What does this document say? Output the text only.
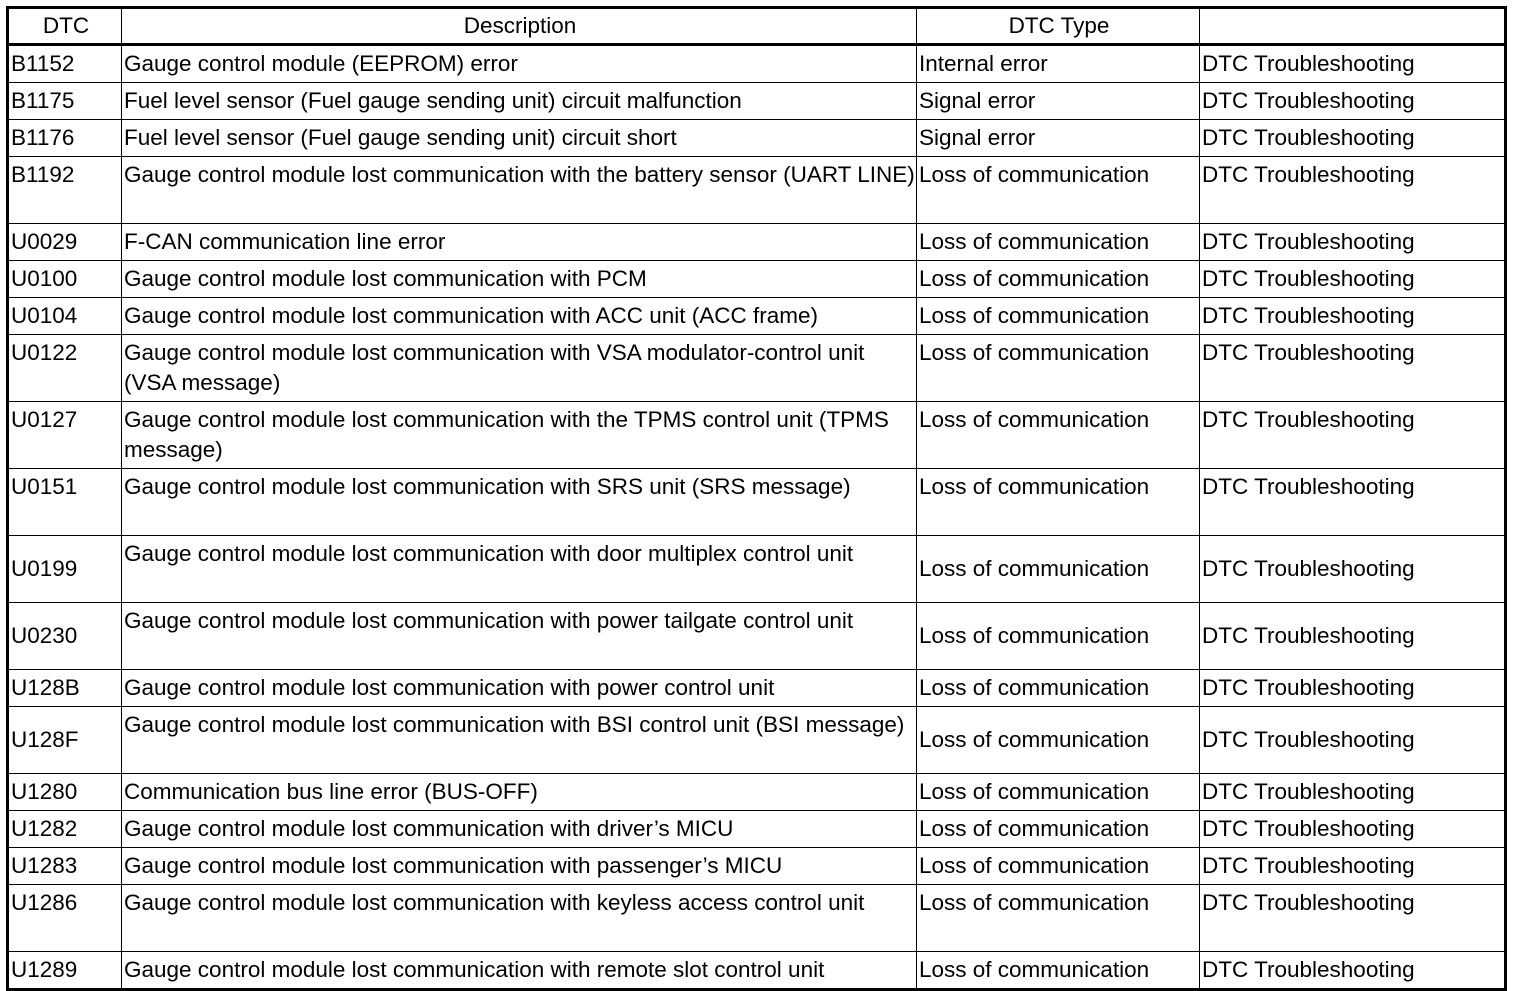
DTC	Description	DTC Type	
B1152	Gauge control module (EEPROM) error	Internal error	DTC Troubleshooting
B1175	Fuel level sensor (Fuel gauge sending unit) circuit malfunction	Signal error	DTC Troubleshooting
B1176	Fuel level sensor (Fuel gauge sending unit) circuit short	Signal error	DTC Troubleshooting
B1192	Gauge control module lost communication with the battery sensor (UART LINE)	Loss of communication	DTC Troubleshooting
U0029	F-CAN communication line error	Loss of communication	DTC Troubleshooting
U0100	Gauge control module lost communication with PCM	Loss of communication	DTC Troubleshooting
U0104	Gauge control module lost communication with ACC unit (ACC frame)	Loss of communication	DTC Troubleshooting
U0122	Gauge control module lost communication with VSA modulator-control unit (VSA message)	Loss of communication	DTC Troubleshooting
U0127	Gauge control module lost communication with the TPMS control unit (TPMS message)	Loss of communication	DTC Troubleshooting
U0151	Gauge control module lost communication with SRS unit (SRS message)	Loss of communication	DTC Troubleshooting
U0199	Gauge control module lost communication with door multiplex control unit	Loss of communication	DTC Troubleshooting
U0230	Gauge control module lost communication with power tailgate control unit	Loss of communication	DTC Troubleshooting
U128B	Gauge control module lost communication with power control unit	Loss of communication	DTC Troubleshooting
U128F	Gauge control module lost communication with BSI control unit (BSI message)	Loss of communication	DTC Troubleshooting
U1280	Communication bus line error (BUS-OFF)	Loss of communication	DTC Troubleshooting
U1282	Gauge control module lost communication with driver’s MICU	Loss of communication	DTC Troubleshooting
U1283	Gauge control module lost communication with passenger’s MICU	Loss of communication	DTC Troubleshooting
U1286	Gauge control module lost communication with keyless access control unit	Loss of communication	DTC Troubleshooting
U1289	Gauge control module lost communication with remote slot control unit	Loss of communication	DTC Troubleshooting
